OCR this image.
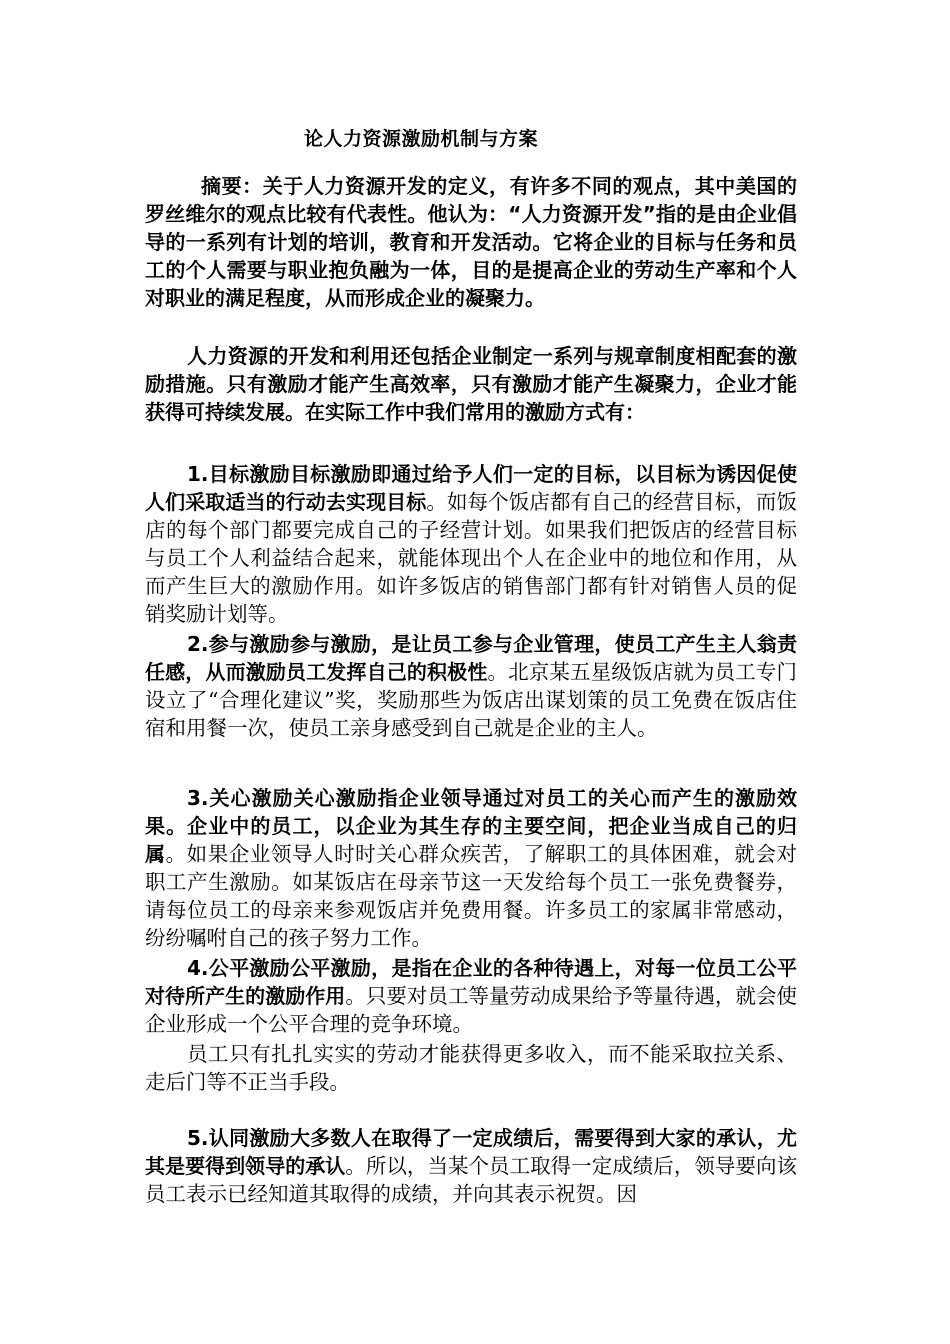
论人力资源激励机制与方案

摘要：关于人力资源开发的定义，有许多不同的观点，其中美国的罗丝维尔的观点比较有代表性。他认为：“人力资源开发”指的是由企业倡导的一系列有计划的培训，教育和开发活动。它将企业的目标与任务和员工的个人需要与职业抱负融为一体，目的是提高企业的劳动生产率和个人对职业的满足程度，从而形成企业的凝聚力。

人力资源的开发和利用还包括企业制定一系列与规章制度相配套的激励措施。只有激励才能产生高效率，只有激励才能产生凝聚力，企业才能获得可持续发展。在实际工作中我们常用的激励方式有：

1.目标激励目标激励即通过给予人们一定的目标，以目标为诱因促使人们采取适当的行动去实现目标。如每个饭店都有自己的经营目标，而饭店的每个部门都要完成自己的子经营计划。如果我们把饭店的经营目标与员工个人利益结合起来，就能体现出个人在企业中的地位和作用，从而产生巨大的激励作用。如许多饭店的销售部门都有针对销售人员的促销奖励计划等。

2.参与激励参与激励，是让员工参与企业管理，使员工产生主人翁责任感，从而激励员工发挥自己的积极性。北京某五星级饭店就为员工专门设立了“合理化建议”奖，奖励那些为饭店出谋划策的员工免费在饭店住宿和用餐一次，使员工亲身感受到自己就是企业的主人。

3.关心激励关心激励指企业领导通过对员工的关心而产生的激励效果。企业中的员工，以企业为其生存的主要空间，把企业当成自己的归属。如果企业领导人时时关心群众疾苦，了解职工的具体困难，就会对职工产生激励。如某饭店在母亲节这一天发给每个员工一张免费餐券，请每位员工的母亲来参观饭店并免费用餐。许多员工的家属非常感动，纷纷嘱咐自己的孩子努力工作。

4.公平激励公平激励，是指在企业的各种待遇上，对每一位员工公平对待所产生的激励作用。只要对员工等量劳动成果给予等量待遇，就会使企业形成一个公平合理的竞争环境。

员工只有扎扎实实的劳动才能获得更多收入，而不能采取拉关系、走后门等不正当手段。

5.认同激励大多数人在取得了一定成绩后，需要得到大家的承认，尤其是要得到领导的承认。所以，当某个员工取得一定成绩后，领导要向该员工表示已经知道其取得的成绩，并向其表示祝贺。因
